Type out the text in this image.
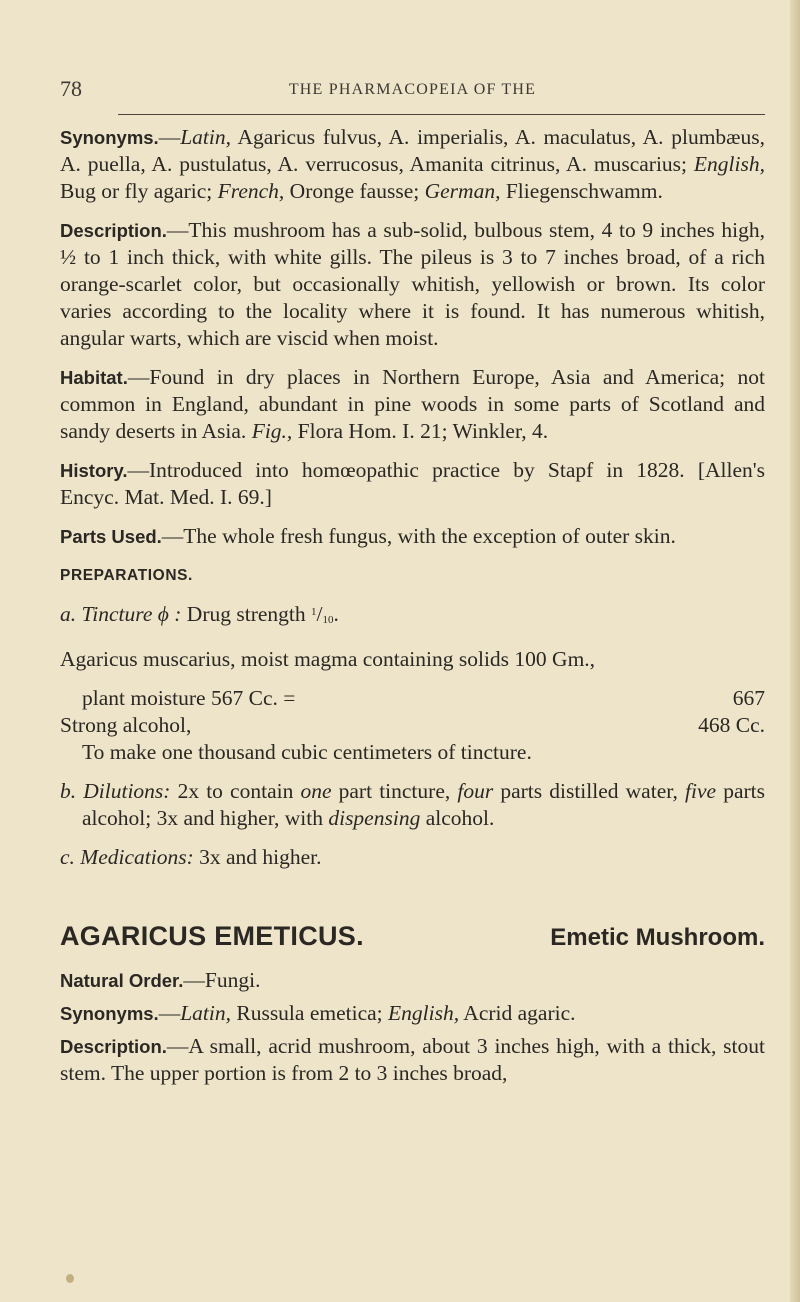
78	THE PHARMACOPEIA OF THE

Synonyms.—Latin, Agaricus fulvus, A. imperialis, A. maculatus, A. plumbæus, A. puella, A. pustulatus, A. verrucosus, Amanita citrinus, A. muscarius; English, Bug or fly agaric; French, Oronge fausse; German, Fliegenschwamm.

Description.—This mushroom has a sub-solid, bulbous stem, 4 to 9 inches high, ½ to 1 inch thick, with white gills. The pileus is 3 to 7 inches broad, of a rich orange-scarlet color, but occasionally whitish, yellowish or brown. Its color varies according to the locality where it is found. It has numerous whitish, angular warts, which are viscid when moist.

Habitat.—Found in dry places in Northern Europe, Asia and America; not common in England, abundant in pine woods in some parts of Scotland and sandy deserts in Asia. Fig., Flora Hom. I. 21; Winkler, 4.

History.—Introduced into homœopathic practice by Stapf in 1828. [Allen's Encyc. Mat. Med. I. 69.]

Parts Used.—The whole fresh fungus, with the exception of outer skin.

PREPARATIONS.

a. Tincture ϕ : Drug strength $^1/_{10}$.

Agaricus muscarius, moist magma containing solids 100 Gm.,

plant moisture 567 Cc. =	667
Strong alcohol,	468 Cc.

To make one thousand cubic centimeters of tincture.

b. Dilutions: 2x to contain one part tincture, four parts distilled water, five parts alcohol; 3x and higher, with dispensing alcohol.

c. Medications: 3x and higher.

AGARICUS EMETICUS.	Emetic Mushroom.

Natural Order.—Fungi.

Synonyms.—Latin, Russula emetica; English, Acrid agaric.

Description.—A small, acrid mushroom, about 3 inches high, with a thick, stout stem. The upper portion is from 2 to 3 inches broad,
